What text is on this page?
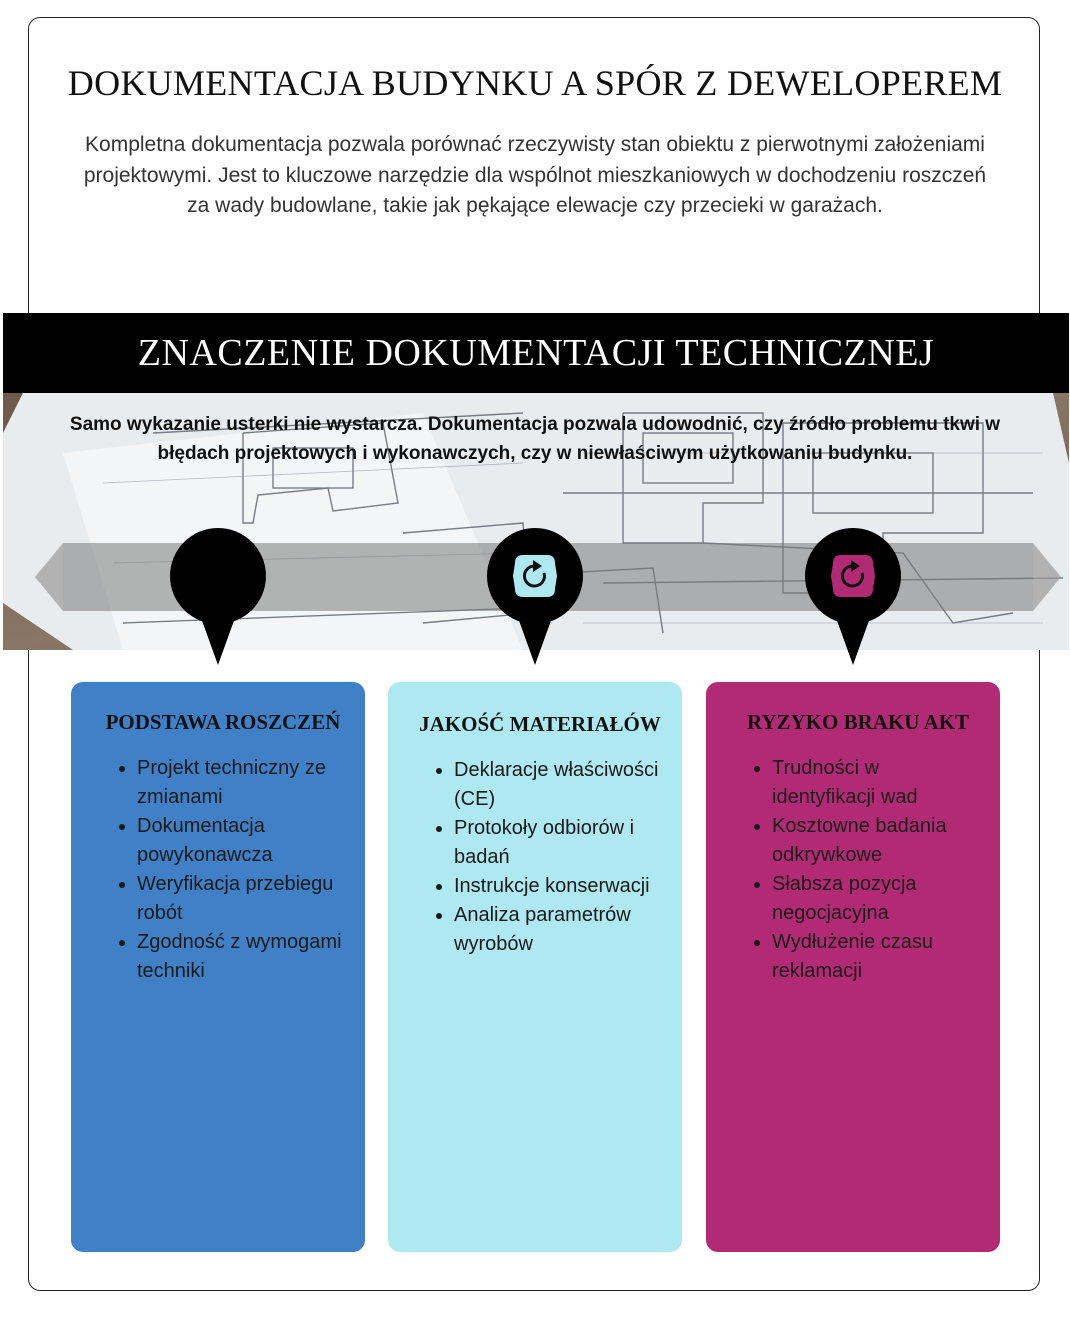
DOKUMENTACJA BUDYNKU A SPÓR Z DEWELOPEREM

Kompletna dokumentacja pozwala porównać rzeczywisty stan obiektu z pierwotnymi założeniami projektowymi. Jest to kluczowe narzędzie dla wspólnot mieszkaniowych w dochodzeniu roszczeń za wady budowlane, takie jak pękające elewacje czy przecieki w garażach.

ZNACZENIE DOKUMENTACJI TECHNICZNEJ

Samo wykazanie usterki nie wystarcza. Dokumentacja pozwala udowodnić, czy źródło problemu tkwi w błędach projektowych i wykonawczych, czy w niewłaściwym użytkowaniu budynku.

PODSTAWA ROSZCZEŃ
• Projekt techniczny ze zmianami
• Dokumentacja powykonawcza
• Weryfikacja przebiegu robót
• Zgodność z wymogami techniki
JAKOŚĆ MATERIAŁÓW
• Deklaracje właściwości (CE)
• Protokoły odbiorów i badań
• Instrukcje konserwacji
• Analiza parametrów wyrobów
RYZYKO BRAKU AKT
• Trudności w identyfikacji wad
• Kosztowne badania odkrywkowe
• Słabsza pozycja negocjacyjna
• Wydłużenie czasu reklamacji
